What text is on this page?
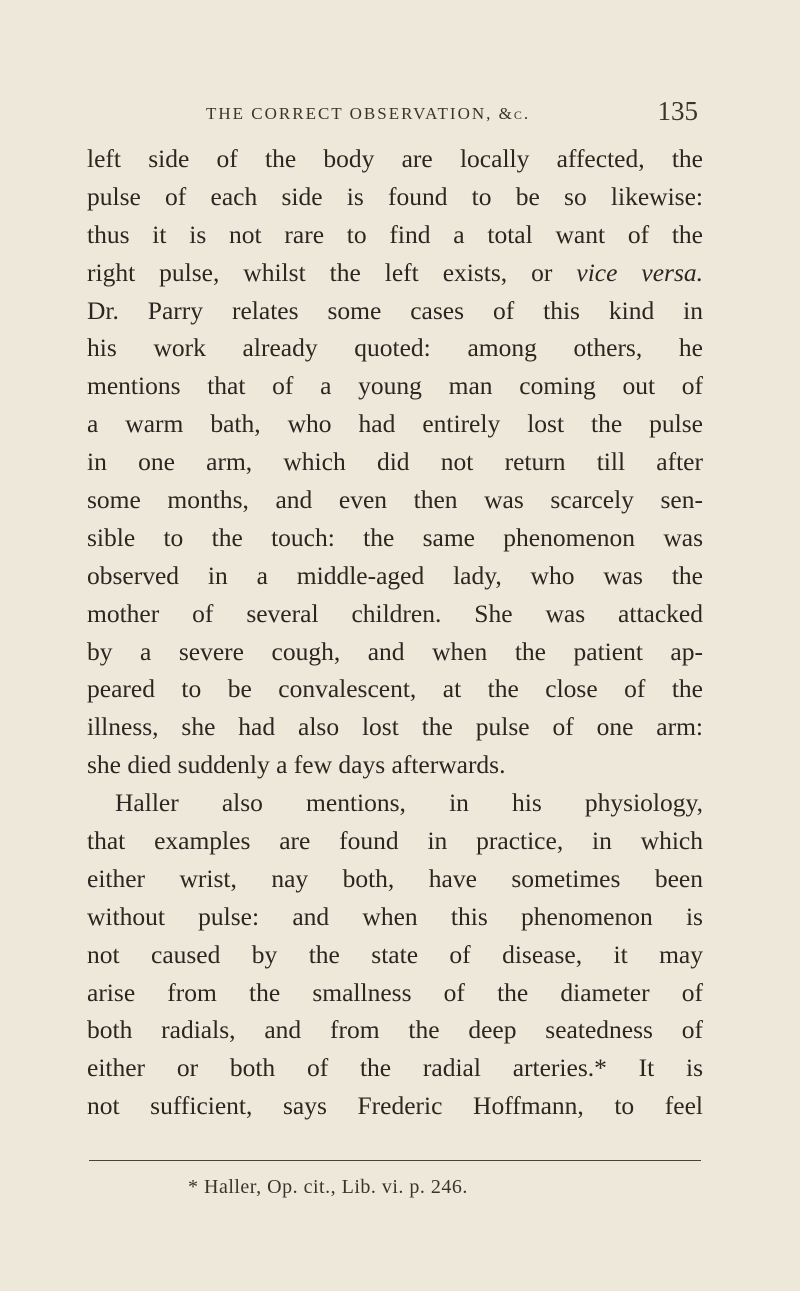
THE CORRECT OBSERVATION, &c.	135
left side of the body are locally affected, the
pulse of each side is found to be so likewise:
thus it is not rare to find a total want of the
right pulse, whilst the left exists, or vice versa.
Dr. Parry relates some cases of this kind in
his work already quoted: among others, he
mentions that of a young man coming out of
a warm bath, who had entirely lost the pulse
in one arm, which did not return till after
some months, and even then was scarcely sen-
sible to the touch: the same phenomenon was
observed in a middle-aged lady, who was the
mother of several children. She was attacked
by a severe cough, and when the patient ap-
peared to be convalescent, at the close of the
illness, she had also lost the pulse of one arm:
she died suddenly a few days afterwards.
Haller also mentions, in his physiology,
that examples are found in practice, in which
either wrist, nay both, have sometimes been
without pulse: and when this phenomenon is
not caused by the state of disease, it may
arise from the smallness of the diameter of
both radials, and from the deep seatedness of
either or both of the radial arteries.* It is
not sufficient, says Frederic Hoffmann, to feel
* Haller, Op. cit., Lib. vi. p. 246.
